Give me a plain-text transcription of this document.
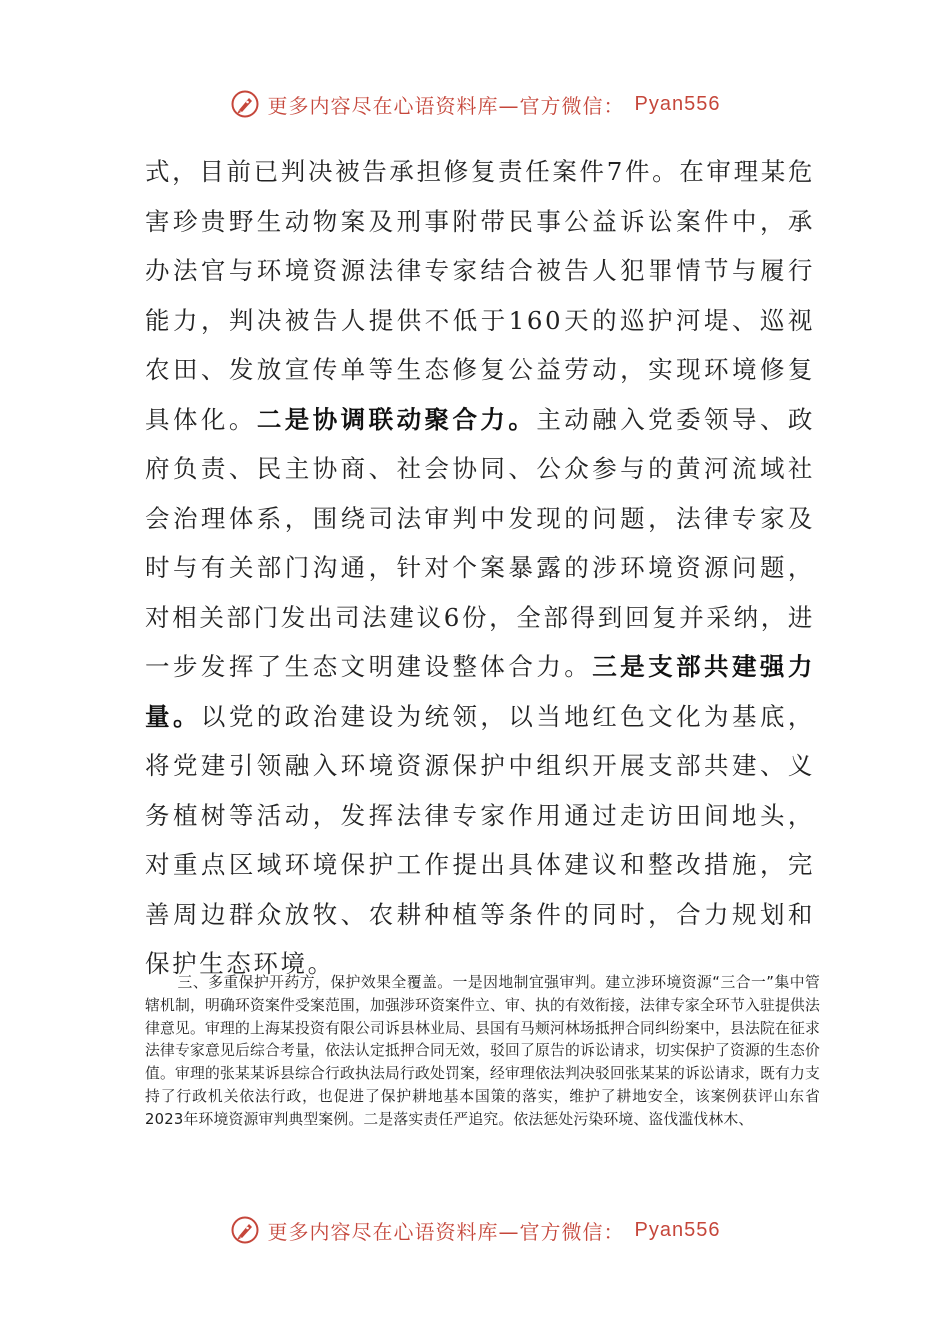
更多内容尽在心语资料库—官方微信： Pyan556

式，目前已判决被告承担修复责任案件7件。在审理某危害珍贵野生动物案及刑事附带民事公益诉讼案件中，承办法官与环境资源法律专家结合被告人犯罪情节与履行能力，判决被告人提供不低于160天的巡护河堤、巡视农田、发放宣传单等生态修复公益劳动，实现环境修复具体化。二是协调联动聚合力。主动融入党委领导、政府负责、民主协商、社会协同、公众参与的黄河流域社会治理体系，围绕司法审判中发现的问题，法律专家及时与有关部门沟通，针对个案暴露的涉环境资源问题，对相关部门发出司法建议6份，全部得到回复并采纳，进一步发挥了生态文明建设整体合力。三是支部共建强力量。以党的政治建设为统领，以当地红色文化为基底，将党建引领融入环境资源保护中组织开展支部共建、义务植树等活动，发挥法律专家作用通过走访田间地头，对重点区域环境保护工作提出具体建议和整改措施，完善周边群众放牧、农耕种植等条件的同时，合力规划和保护生态环境。

三、多重保护开药方，保护效果全覆盖。一是因地制宜强审判。建立涉环境资源“三合一”集中管辖机制，明确环资案件受案范围，加强涉环资案件立、审、执的有效衔接，法律专家全环节入驻提供法律意见。审理的上海某投资有限公司诉县林业局、县国有马颊河林场抵押合同纠纷案中，县法院在征求法律专家意见后综合考量，依法认定抵押合同无效，驳回了原告的诉讼请求，切实保护了资源的生态价值。审理的张某某诉县综合行政执法局行政处罚案，经审理依法判决驳回张某某的诉讼请求，既有力支持了行政机关依法行政，也促进了保护耕地基本国策的落实，维护了耕地安全，该案例获评山东省2023年环境资源审判典型案例。二是落实责任严追究。依法惩处污染环境、盗伐滥伐林木、
更多内容尽在心语资料库—官方微信： Pyan556
